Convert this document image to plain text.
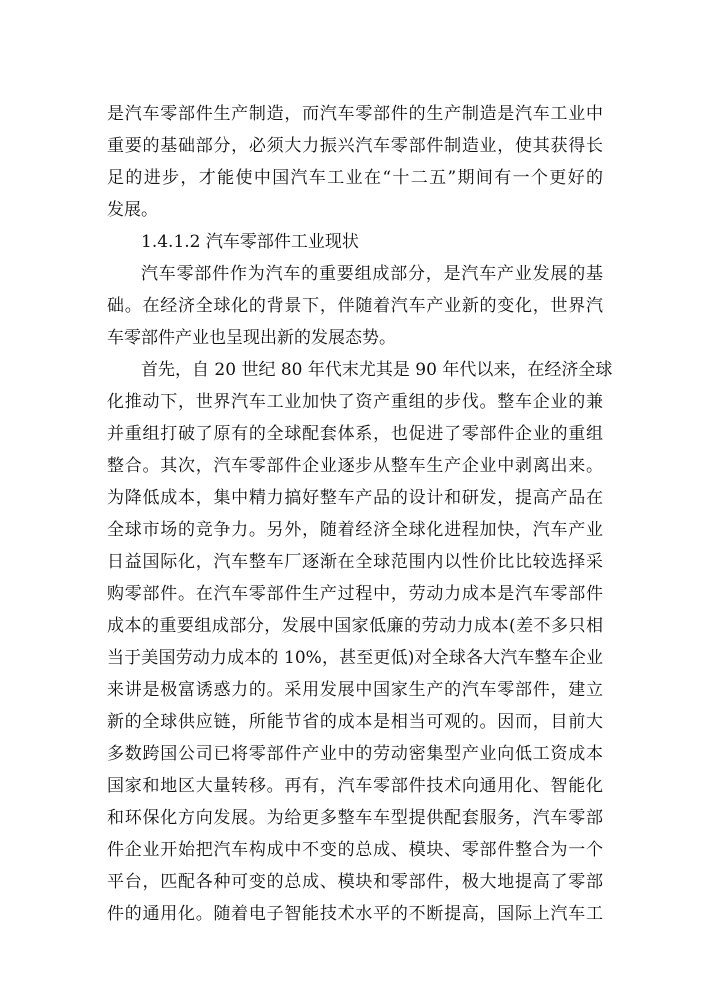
是汽车零部件生产制造，而汽车零部件的生产制造是汽车工业中
重要的基础部分，必须大力振兴汽车零部件制造业，使其获得长
足的进步，才能使中国汽车工业在“十二五”期间有一个更好的
发展。
1.4.1.2 汽车零部件工业现状
汽车零部件作为汽车的重要组成部分，是汽车产业发展的基
础。在经济全球化的背景下，伴随着汽车产业新的变化，世界汽
车零部件产业也呈现出新的发展态势。
首先，自 20 世纪 80 年代末尤其是 90 年代以来，在经济全球
化推动下，世界汽车工业加快了资产重组的步伐。整车企业的兼
并重组打破了原有的全球配套体系，也促进了零部件企业的重组
整合。其次，汽车零部件企业逐步从整车生产企业中剥离出来。
为降低成本，集中精力搞好整车产品的设计和研发，提高产品在
全球市场的竞争力。另外，随着经济全球化进程加快，汽车产业
日益国际化，汽车整车厂逐渐在全球范围内以性价比比较选择采
购零部件。在汽车零部件生产过程中，劳动力成本是汽车零部件
成本的重要组成部分，发展中国家低廉的劳动力成本(差不多只相
当于美国劳动力成本的 10%，甚至更低)对全球各大汽车整车企业
来讲是极富诱惑力的。采用发展中国家生产的汽车零部件，建立
新的全球供应链，所能节省的成本是相当可观的。因而，目前大
多数跨国公司已将零部件产业中的劳动密集型产业向低工资成本
国家和地区大量转移。再有，汽车零部件技术向通用化、智能化
和环保化方向发展。为给更多整车车型提供配套服务，汽车零部
件企业开始把汽车构成中不变的总成、模块、零部件整合为一个
平台，匹配各种可变的总成、模块和零部件，极大地提高了零部
件的通用化。随着电子智能技术水平的不断提高，国际上汽车工
